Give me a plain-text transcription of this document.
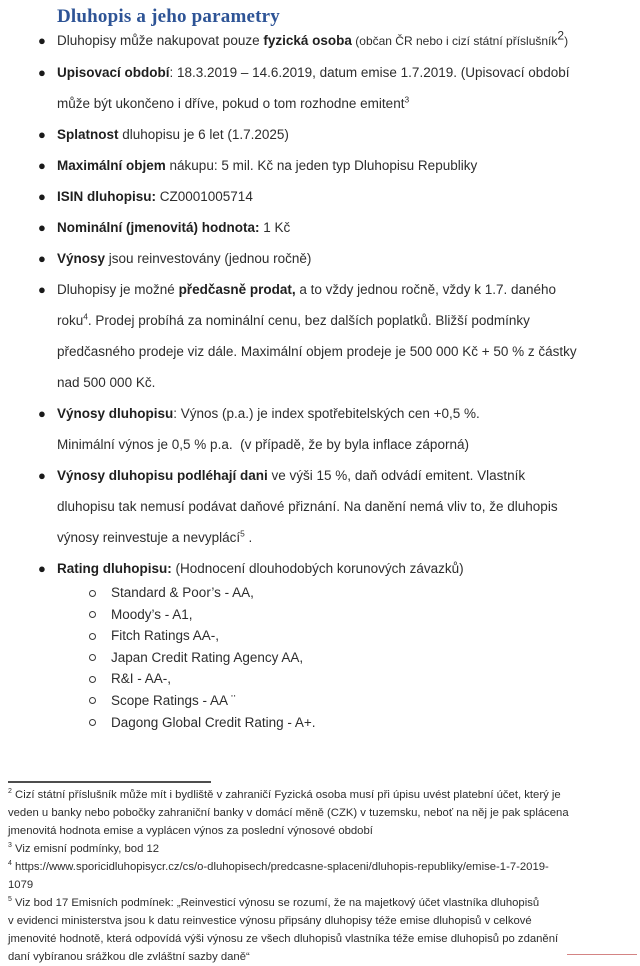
Dluhopis a jeho parametry
● Dluhopisy může nakupovat pouze fyzická osoba (občan ČR nebo i cizí státní příslušník$^2$)
● Upisovací období: 18.3.2019 – 14.6.2019, datum emise 1.7.2019. (Upisovací období
může být ukončeno i dříve, pokud o tom rozhodne emitent$^3$
● Splatnost dluhopisu je 6 let (1.7.2025)
● Maximální objem nákupu: 5 mil. Kč na jeden typ Dluhopisu Republiky
● ISIN dluhopisu: CZ0001005714
● Nominální (jmenovitá) hodnota: 1 Kč
● Výnosy jsou reinvestovány (jednou ročně)
● Dluhopisy je možné předčasně prodat, a to vždy jednou ročně, vždy k 1.7. daného
roku$^4$. Prodej probíhá za nominální cenu, bez dalších poplatků. Bližší podmínky
předčasného prodeje viz dále. Maximální objem prodeje je 500 000 Kč + 50 % z částky
nad 500 000 Kč.
● Výnosy dluhopisu: Výnos (p.a.) je index spotřebitelských cen +0,5 %.
Minimální výnos je 0,5 % p.a.  (v případě, že by byla inflace záporná)
● Výnosy dluhopisu podléhají dani ve výši 15 %, daň odvádí emitent. Vlastník
dluhopisu tak nemusí podávat daňové přiznání. Na danění nemá vliv to, že dluhopis
výnosy reinvestuje a nevyplácí$^5$ .
● Rating dluhopisu: (Hodnocení dlouhodobých korunových závazků)
Standard & Poor’s - AA,
Moody’s - A1,
Fitch Ratings AA-,
Japan Credit Rating Agency AA,
R&I - AA-,
Scope Ratings - AA ¨
Dagong Global Credit Rating - A+.
$^2$ Cizí státní příslušník může mít i bydliště v zahraničí Fyzická osoba musí při úpisu uvést platební účet, který je
veden u banky nebo pobočky zahraniční banky v domácí měně (CZK) v tuzemsku, neboť na něj je pak splácena
jmenovitá hodnota emise a vyplácen výnos za poslední výnosové období
$^3$ Viz emisní podmínky, bod 12
$^4$ https://www.sporicidluhopisycr.cz/cs/o-dluhopisech/predcasne-splaceni/dluhopis-republiky/emise-1-7-2019-
1079
$^5$ Viz bod 17 Emisních podmínek: „Reinvesticí výnosu se rozumí, že na majetkový účet vlastníka dluhopisů
v evidenci ministerstva jsou k datu reinvestice výnosu připsány dluhopisy téže emise dluhopisů v celkové
jmenovité hodnotě, která odpovídá výši výnosu ze všech dluhopisů vlastníka téže emise dluhopisů po zdanění
daní vybíranou srážkou dle zvláštní sazby daně“
